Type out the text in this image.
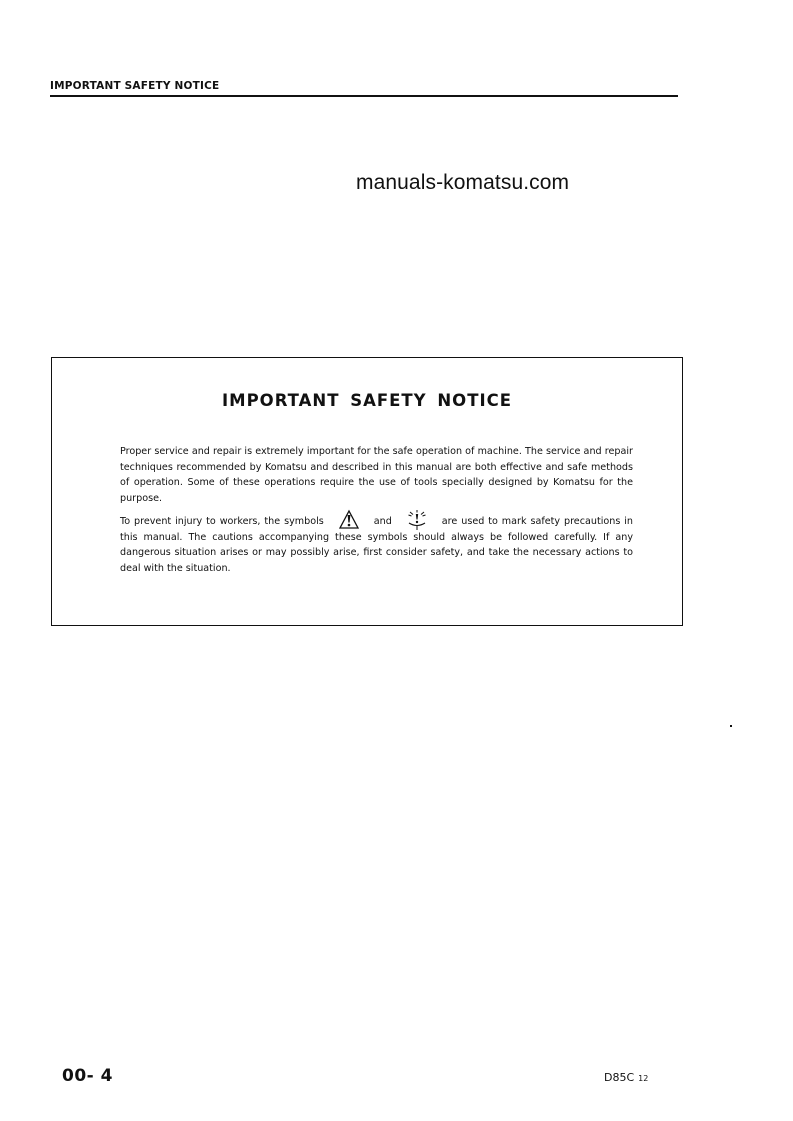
IMPORTANT SAFETY NOTICE
manuals-komatsu.com
IMPORTANT SAFETY NOTICE

Proper service and repair is extremely important for the safe operation of machine. The service and repair techniques recommended by Komatsu and described in this manual are both effective and safe methods of operation. Some of these operations require the use of tools specially designed by Komatsu for the purpose.

To prevent injury to workers, the symbols	and	are used to mark safety precautions in this manual. The cautions accompanying these symbols should always be followed carefully. If any dangerous situation arises or may possibly arise, first consider safety, and take the necessary actions to deal with the situation.

00- 4	D85C 12
